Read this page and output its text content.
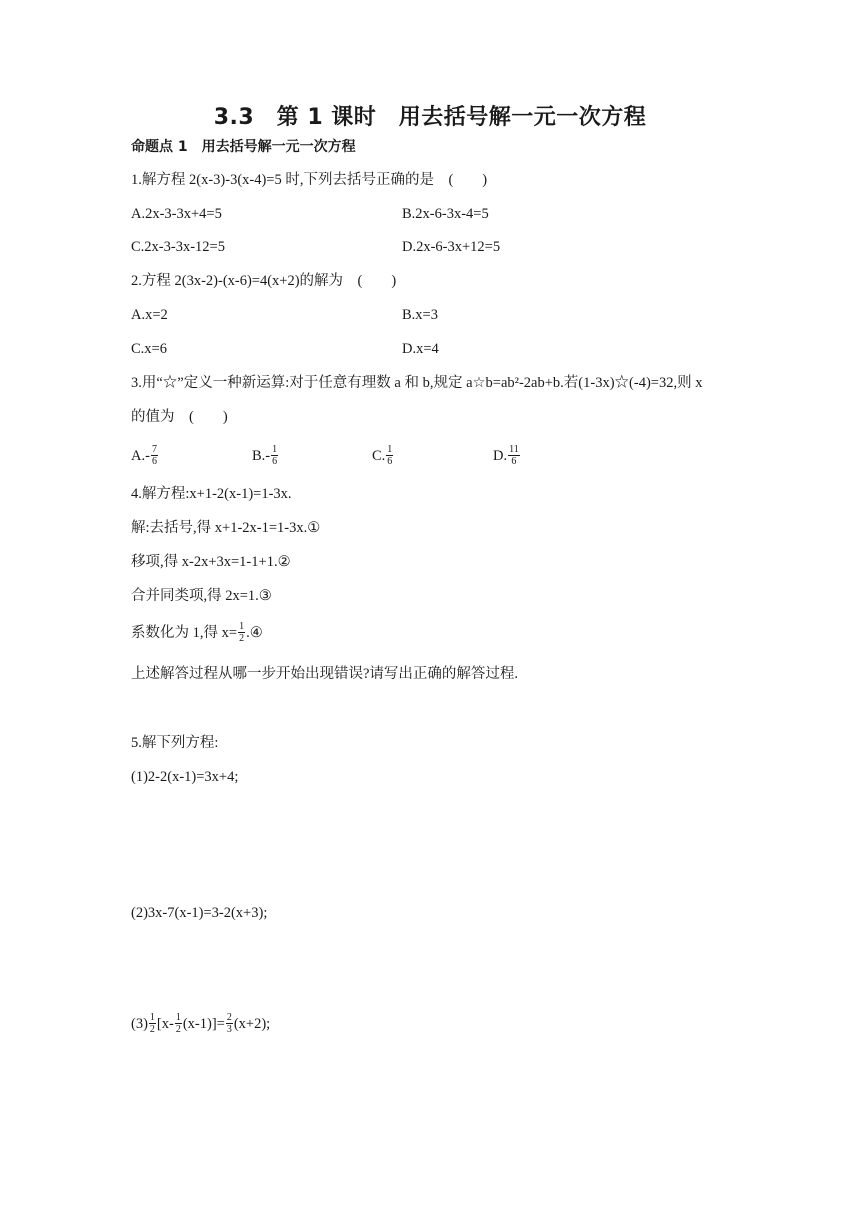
3.3　第 1 课时　用去括号解一元一次方程
命题点 1　用去括号解一元一次方程
1.解方程 2(x-3)-3(x-4)=5 时,下列去括号正确的是　(　　)
A.2x-3-3x+4=5	B.2x-6-3x-4=5
C.2x-3-3x-12=5	D.2x-6-3x+12=5
2.方程 2(3x-2)-(x-6)=4(x+2)的解为　(　　)
A.x=2	B.x=3
C.x=6	D.x=4
3.用“☆”定义一种新运算:对于任意有理数 a 和 b,规定 a☆b=ab²-2ab+b.若(1-3x)☆(-4)=32,则 x
的值为　(　　)
$A.- \frac{7}{6}$	$B.- \frac{1}{6}$	C. $\frac{1}{6}$	D. $\frac{11}{6}$
4.解方程:x+1-2(x-1)=1-3x.
解:去括号,得 x+1-2x-1=1-3x.①
移项,得 x-2x+3x=1-1+1.②
合并同类项,得 2x=1.③
系数化为 1,得 $x= \frac{1}{2}$ .④
上述解答过程从哪一步开始出现错误?请写出正确的解答过程.
5.解下列方程:
(1)2-2(x-1)=3x+4;
(2)3x-7(x-1)=3-2(x+3);
$(3) \frac{1}{2} [x- \frac{1}{2} (x-1)]= \frac{2}{3} (x+2)$;
